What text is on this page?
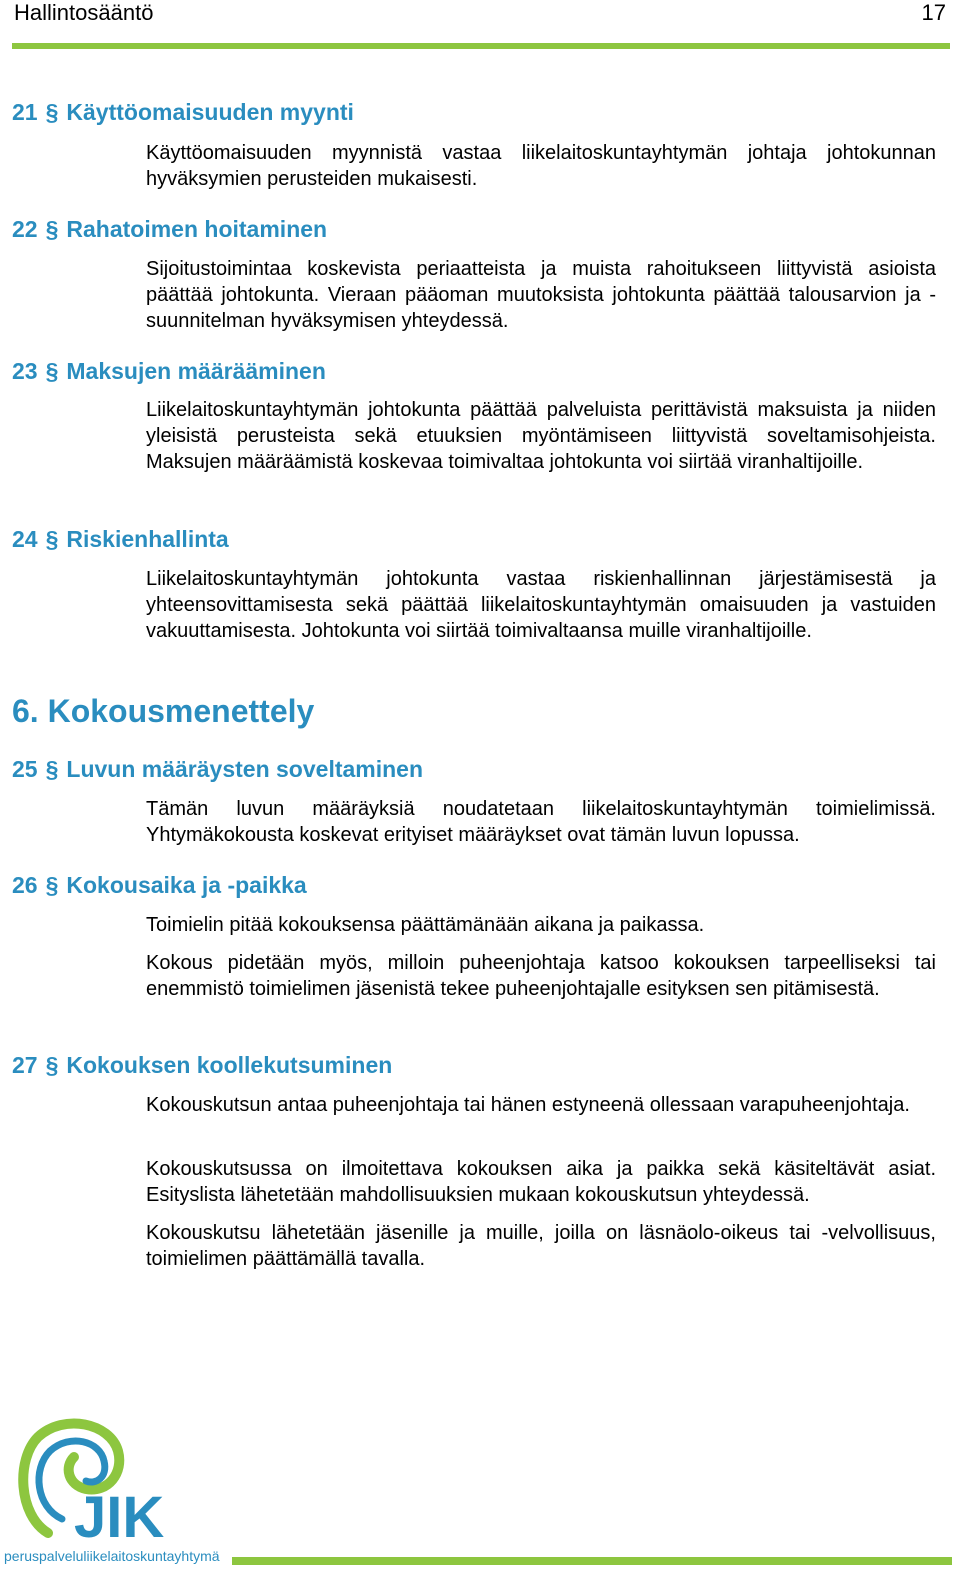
Hallintosääntö	17
21 § Käyttöomaisuuden myynti

Käyttöomaisuuden myynnistä vastaa liikelaitoskuntayhtymän johtaja johtokunnan hyväksymien perusteiden mukaisesti.

22 § Rahatoimen hoitaminen

Sijoitustoimintaa koskevista periaatteista ja muista rahoitukseen liittyvistä asioista päättää johtokunta. Vieraan pääoman muutoksista johtokunta päättää talousarvion ja -suunnitelman hyväksymisen yhteydessä.

23 § Maksujen määrääminen

Liikelaitoskuntayhtymän johtokunta päättää palveluista perittävistä maksuista ja niiden yleisistä perusteista sekä etuuksien myöntämiseen liittyvistä soveltamisohjeista. Maksujen määräämistä koskevaa toimivaltaa johtokunta voi siirtää viranhaltijoille.

24 § Riskienhallinta

Liikelaitoskuntayhtymän johtokunta vastaa riskienhallinnan järjestämisestä ja yhteensovittamisesta sekä päättää liikelaitoskuntayhtymän omaisuuden ja vastuiden vakuuttamisesta. Johtokunta voi siirtää toimivaltaansa muille viranhaltijoille.

6. Kokousmenettely
25 § Luvun määräysten soveltaminen

Tämän luvun määräyksiä noudatetaan liikelaitoskuntayhtymän toimielimissä. Yhtymäkokousta koskevat erityiset määräykset ovat tämän luvun lopussa.

26 § Kokousaika ja -paikka

Toimielin pitää kokouksensa päättämänään aikana ja paikassa.

Kokous pidetään myös, milloin puheenjohtaja katsoo kokouksen tarpeelliseksi tai enemmistö toimielimen jäsenistä tekee puheenjohtajalle esityksen sen pitämisestä.

27 § Kokouksen koollekutsuminen

Kokouskutsun antaa puheenjohtaja tai hänen estyneenä ollessaan varapuheenjohtaja.

Kokouskutsussa on ilmoitettava kokouksen aika ja paikka sekä käsiteltävät asiat. Esityslista lähetetään mahdollisuuksien mukaan kokouskutsun yhteydessä.

Kokouskutsu lähetetään jäsenille ja muille, joilla on läsnäolo-oikeus tai -velvollisuus, toimielimen päättämällä tavalla.

JIK
peruspalveluliikelaitoskuntayhtymä
